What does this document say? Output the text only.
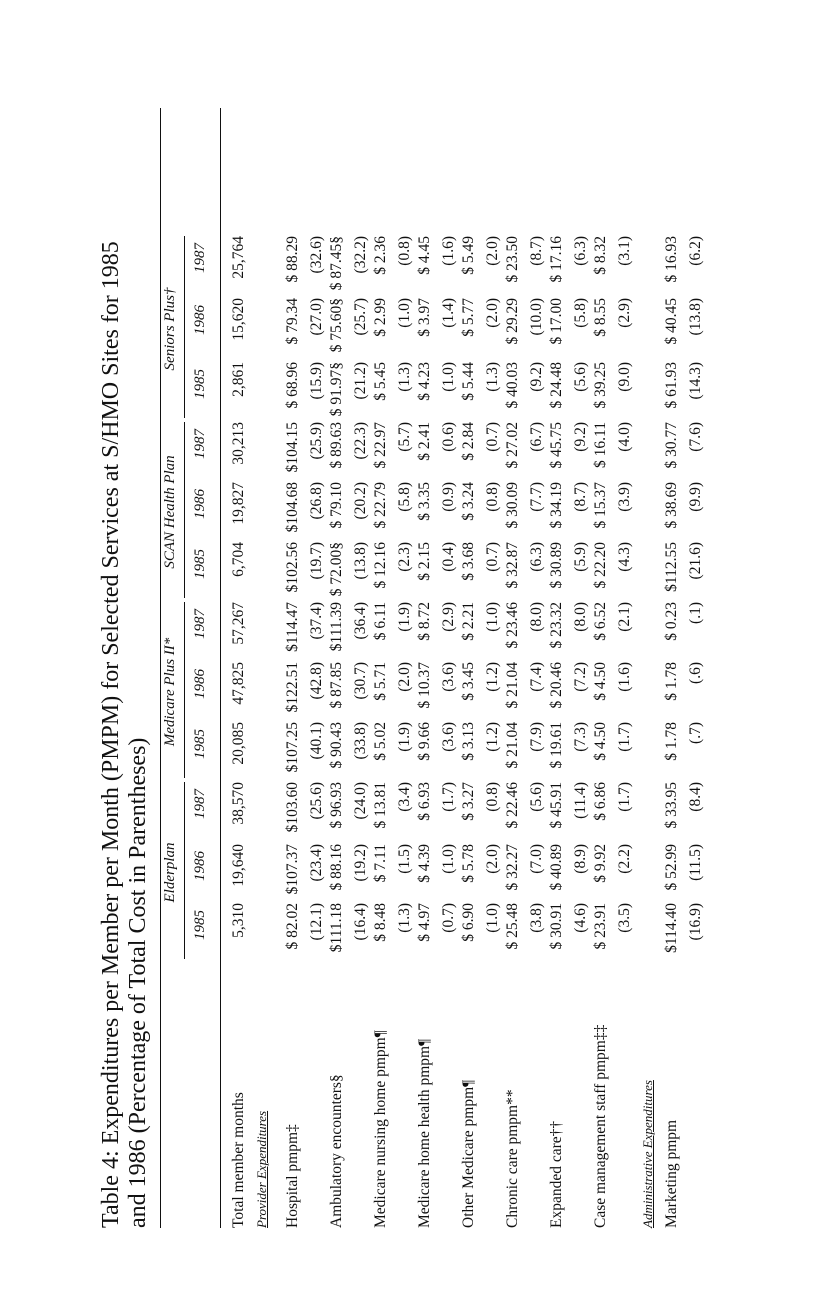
Table 4: Expenditures per Member per Month (PMPM) for Selected Services at S/HMO Sites for 1985 and 1986 (Percentage of Total Cost in Parentheses) Elderplan
1985
1986
1987
Medicare Plus II* 1985
1986
1987
SCAN Health Plan 1985
1986
1987
Seniors Plus†
1985
1986
1987
Total member months
5,310
19,640
38,570
20,085
47,825
57,267
6,704
19,827
30,213
2,861
15,620
25,764
Provider Expenditures Hospital pmpm‡
$ 82.02
$107.37
$103.60
$107.25
$122.51
$114.47
$102.56
$104.68
$104.15
$ 68.96
$ 79.34
$ 88.29
(12.1)
(23.4)
(25.6)
(40.1)
(42.8)
(37.4)
(19.7)
(26.8)
(25.9)
(15.9)
(27.0)
(32.6)
Ambulatory encounters§
$111.18
$ 88.16
$ 96.93
$ 90.43
$ 87.85
$111.39
$ 72.00§
$ 79.10
$ 89.63
$ 91.97§
$ 75.60§
$ 87.45§
(16.4)
(19.2)
(24.0)
(33.8)
(30.7)
(36.4)
(13.8)
(20.2)
(22.3)
(21.2)
(25.7)
(32.2)
Medicare nursing home pmpm¶
$ 8.48
$ 7.11
$ 13.81
$ 5.02
$ 5.71
$ 6.11
$ 12.16
$ 22.79
$ 22.97
$ 5.45
$ 2.99
$ 2.36
(1.3)
(1.5)
(3.4)
(1.9)
(2.0)
(1.9)
(2.3)
(5.8)
(5.7)
(1.3)
(1.0)
(0.8)
Medicare home health pmpm¶
$ 4.97
$ 4.39
$ 6.93
$ 9.66
$ 10.37
$ 8.72
$ 2.15
$ 3.35
$ 2.41
$ 4.23
$ 3.97
$ 4.45
(0.7)
(1.0)
(1.7)
(3.6)
(3.6)
(2.9)
(0.4)
(0.9)
(0.6)
(1.0)
(1.4)
(1.6)
Other Medicare pmpm¶
$ 6.90
$ 5.78
$ 3.27
$ 3.13
$ 3.45
$ 2.21
$ 3.68
$ 3.24
$ 2.84
$ 5.44
$ 5.77
$ 5.49
(1.0)
(2.0)
(0.8)
(1.2)
(1.2)
(1.0)
(0.7)
(0.8)
(0.7)
(1.3)
(2.0)
(2.0)
Chronic care pmpm**
$ 25.48
$ 32.27
$ 22.46
$ 21.04
$ 21.04
$ 23.46
$ 32.87
$ 30.09
$ 27.02
$ 40.03
$ 29.29
$ 23.50
(3.8)
(7.0)
(5.6)
(7.9)
(7.4)
(8.0)
(6.3)
(7.7)
(6.7)
(9.2)
(10.0)
(8.7)
Expanded care††
$ 30.91
$ 40.89
$ 45.91
$ 19.61
$ 20.46
$ 23.32
$ 30.89
$ 34.19
$ 45.75
$ 24.48
$ 17.00
$ 17.16
(4.6)
(8.9)
(11.4)
(7.3)
(7.2)
(8.0)
(5.9)
(8.7)
(9.2)
(5.6)
(5.8)
(6.3)
Case management staff pmpm‡‡
$ 23.91
$ 9.92
$ 6.86
$ 4.50
$ 4.50
$ 6.52
$ 22.20
$ 15.37
$ 16.11
$ 39.25
$ 8.55
$ 8.32
(3.5)
(2.2)
(1.7)
(1.7)
(1.6)
(2.1)
(4.3)
(3.9)
(4.0)
(9.0)
(2.9)
(3.1)
Administrative Expenditures Marketing pmpm
$114.40
$ 52.99
$ 33.95
$ 1.78
$ 1.78
$ 0.23
$112.55
$ 38.69
$ 30.77
$ 61.93
$ 40.45
$ 16.93
(16.9)
(11.5)
(8.4)
(.7)
(.6)
(.1)
(21.6)
(9.9)
(7.6)
(14.3)
(13.8)
(6.2)
